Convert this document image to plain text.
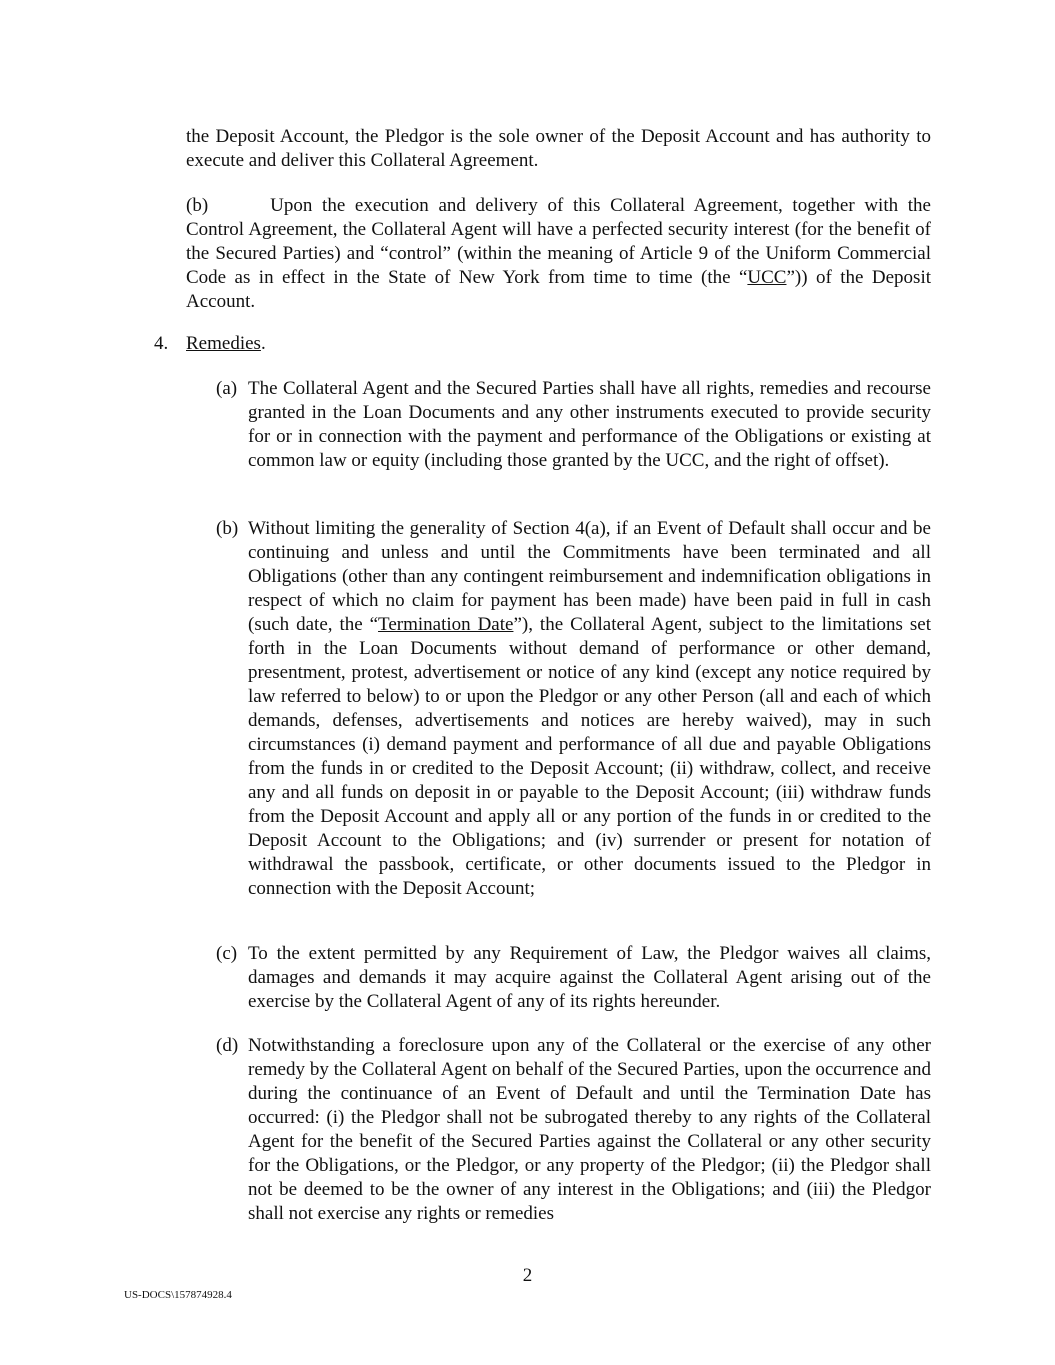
the Deposit Account, the Pledgor is the sole owner of the Deposit Account and has authority to execute and deliver this Collateral Agreement.

(b)	Upon the execution and delivery of this Collateral Agreement, together with the Control Agreement, the Collateral Agent will have a perfected security interest (for the benefit of the Secured Parties) and “control” (within the meaning of Article 9 of the Uniform Commercial Code as in effect in the State of New York from time to time (the “UCC”)) of the Deposit Account.

4. Remedies.

(a) The Collateral Agent and the Secured Parties shall have all rights, remedies and recourse granted in the Loan Documents and any other instruments executed to provide security for or in connection with the payment and performance of the Obligations or existing at common law or equity (including those granted by the UCC, and the right of offset).
(b) Without limiting the generality of Section 4(a), if an Event of Default shall occur and be continuing and unless and until the Commitments have been terminated and all Obligations (other than any contingent reimbursement and indemnification obligations in respect of which no claim for payment has been made) have been paid in full in cash (such date, the “Termination Date”), the Collateral Agent, subject to the limitations set forth in the Loan Documents without demand of performance or other demand, presentment, protest, advertisement or notice of any kind (except any notice required by law referred to below) to or upon the Pledgor or any other Person (all and each of which demands, defenses, advertisements and notices are hereby waived), may in such circumstances (i) demand payment and performance of all due and payable Obligations from the funds in or credited to the Deposit Account; (ii) withdraw, collect, and receive any and all funds on deposit in or payable to the Deposit Account; (iii) withdraw funds from the Deposit Account and apply all or any portion of the funds in or credited to the Deposit Account to the Obligations; and (iv) surrender or present for notation of withdrawal the passbook, certificate, or other documents issued to the Pledgor in connection with the Deposit Account;
(c) To the extent permitted by any Requirement of Law, the Pledgor waives all claims, damages and demands it may acquire against the Collateral Agent arising out of the exercise by the Collateral Agent of any of its rights hereunder.
(d) Notwithstanding a foreclosure upon any of the Collateral or the exercise of any other remedy by the Collateral Agent on behalf of the Secured Parties, upon the occurrence and during the continuance of an Event of Default and until the Termination Date has occurred: (i) the Pledgor shall not be subrogated thereby to any rights of the Collateral Agent for the benefit of the Secured Parties against the Collateral or any other security for the Obligations, or the Pledgor, or any property of the Pledgor; (ii) the Pledgor shall not be deemed to be the owner of any interest in the Obligations; and (iii) the Pledgor shall not exercise any rights or remedies
2
US-DOCS\157874928.4
